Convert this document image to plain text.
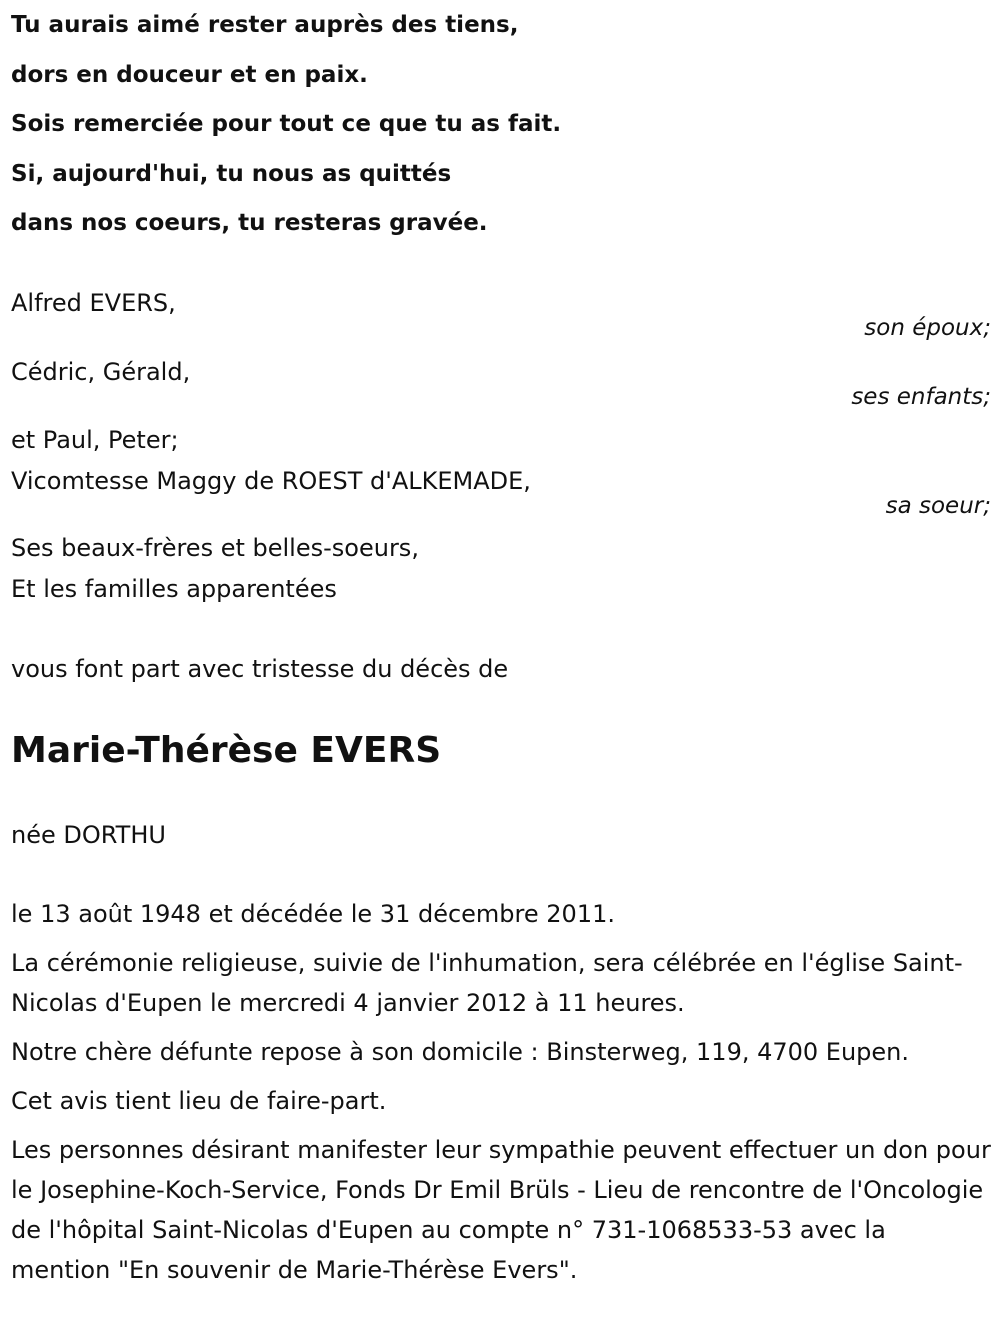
Tu aurais aimé rester auprès des tiens,
dors en douceur et en paix.
Sois remerciée pour tout ce que tu as fait.
Si, aujourd'hui, tu nous as quittés
dans nos coeurs, tu resteras gravée.
Alfred EVERS,
son époux;
Cédric, Gérald,
ses enfants;
et Paul, Peter;
Vicomtesse Maggy de ROEST d'ALKEMADE,
sa soeur;
Ses beaux-frères et belles-soeurs,
Et les familles apparentées
vous font part avec tristesse du décès de
Marie-Thérèse EVERS
née DORTHU
le 13 août 1948 et décédée le 31 décembre 2011.
La cérémonie religieuse, suivie de l'inhumation, sera célébrée en l'église Saint-Nicolas d'Eupen le mercredi 4 janvier 2012 à 11 heures.
Notre chère défunte repose à son domicile : Binsterweg, 119, 4700 Eupen.
Cet avis tient lieu de faire-part.
Les personnes désirant manifester leur sympathie peuvent effectuer un don pour le Josephine-Koch-Service, Fonds Dr Emil Brüls - Lieu de rencontre de l'Oncologie de l'hôpital Saint-Nicolas d'Eupen au compte n° 731-1068533-53 avec la mention "En souvenir de Marie-Thérèse Evers".
